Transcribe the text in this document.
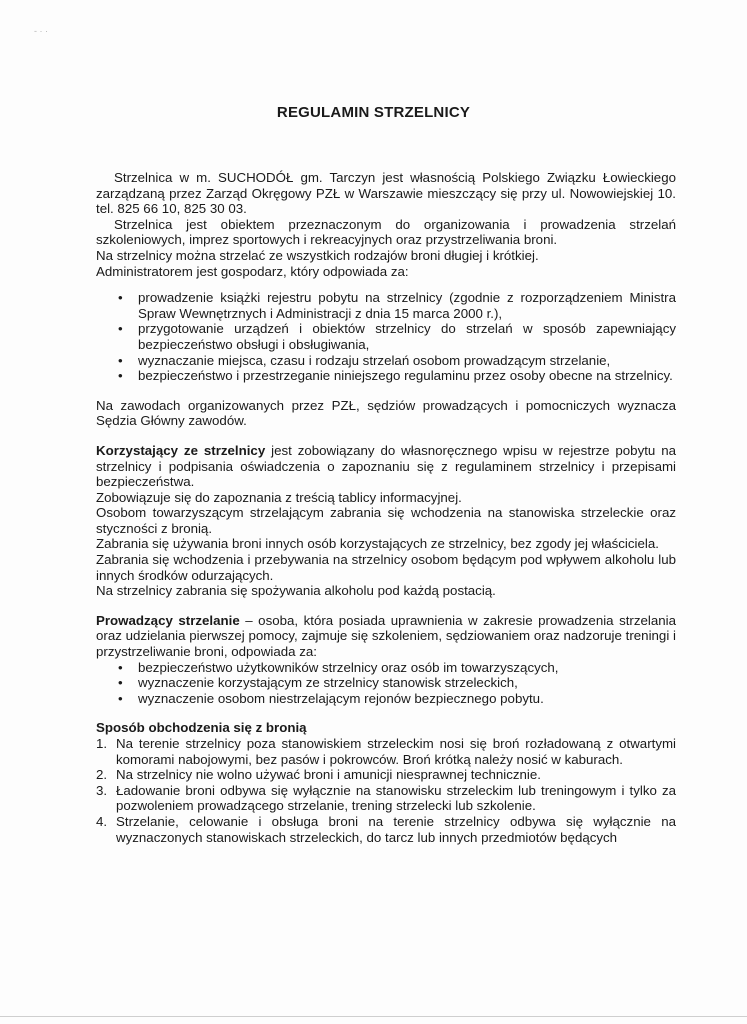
- · ·
REGULAMIN STRZELNICY

Strzelnica w m. SUCHODÓŁ gm. Tarczyn jest własnością Polskiego Związku Łowieckiego zarządzaną przez Zarząd Okręgowy PZŁ w Warszawie mieszczący się przy ul. Nowowiejskiej 10. tel. 825 66 10, 825 30 03.

Strzelnica jest obiektem przeznaczonym do organizowania i prowadzenia strzelań szkoleniowych, imprez sportowych i rekreacyjnych oraz przystrzeliwania broni.

Na strzelnicy można strzelać ze wszystkich rodzajów broni długiej i krótkiej.

Administratorem jest gospodarz, który odpowiada za:

• prowadzenie książki rejestru pobytu na strzelnicy (zgodnie z rozporządzeniem Ministra Spraw Wewnętrznych i Administracji z dnia 15 marca 2000 r.),
• przygotowanie urządzeń i obiektów strzelnicy do strzelań w sposób zapewniający bezpieczeństwo obsługi i obsługiwania,
• wyznaczanie miejsca, czasu i rodzaju strzelań osobom prowadzącym strzelanie,
• bezpieczeństwo i przestrzeganie niniejszego regulaminu przez osoby obecne na strzelnicy.

Na zawodach organizowanych przez PZŁ, sędziów prowadzących i pomocniczych wyznacza Sędzia Główny zawodów.

Korzystający ze strzelnicy jest zobowiązany do własnoręcznego wpisu w rejestrze pobytu na strzelnicy i podpisania oświadczenia o zapoznaniu się z regulaminem strzelnicy i przepisami bezpieczeństwa.

Zobowiązuje się do zapoznania z treścią tablicy informacyjnej.

Osobom towarzyszącym strzelającym zabrania się wchodzenia na stanowiska strzeleckie oraz styczności z bronią.

Zabrania się używania broni innych osób korzystających ze strzelnicy, bez zgody jej właściciela.

Zabrania się wchodzenia i przebywania na strzelnicy osobom będącym pod wpływem alkoholu lub innych środków odurzających.

Na strzelnicy zabrania się spożywania alkoholu pod każdą postacią.

Prowadzący strzelanie – osoba, która posiada uprawnienia w zakresie prowadzenia strzelania oraz udzielania pierwszej pomocy, zajmuje się szkoleniem, sędziowaniem oraz nadzoruje treningi i przystrzeliwanie broni, odpowiada za:

• bezpieczeństwo użytkowników strzelnicy oraz osób im towarzyszących,
• wyznaczenie korzystającym ze strzelnicy stanowisk strzeleckich,
• wyznaczenie osobom niestrzelającym rejonów bezpiecznego pobytu.

Sposób obchodzenia się z bronią

1. Na terenie strzelnicy poza stanowiskiem strzeleckim nosi się broń rozładowaną z otwartymi komorami nabojowymi, bez pasów i pokrowców. Broń krótką należy nosić w kaburach.
2. Na strzelnicy nie wolno używać broni i amunicji niesprawnej technicznie.
3. Ładowanie broni odbywa się wyłącznie na stanowisku strzeleckim lub treningowym i tylko za pozwoleniem prowadzącego strzelanie, trening strzelecki lub szkolenie.
4. Strzelanie, celowanie i obsługa broni na terenie strzelnicy odbywa się wyłącznie na wyznaczonych stanowiskach strzeleckich, do tarcz lub innych przedmiotów będących
